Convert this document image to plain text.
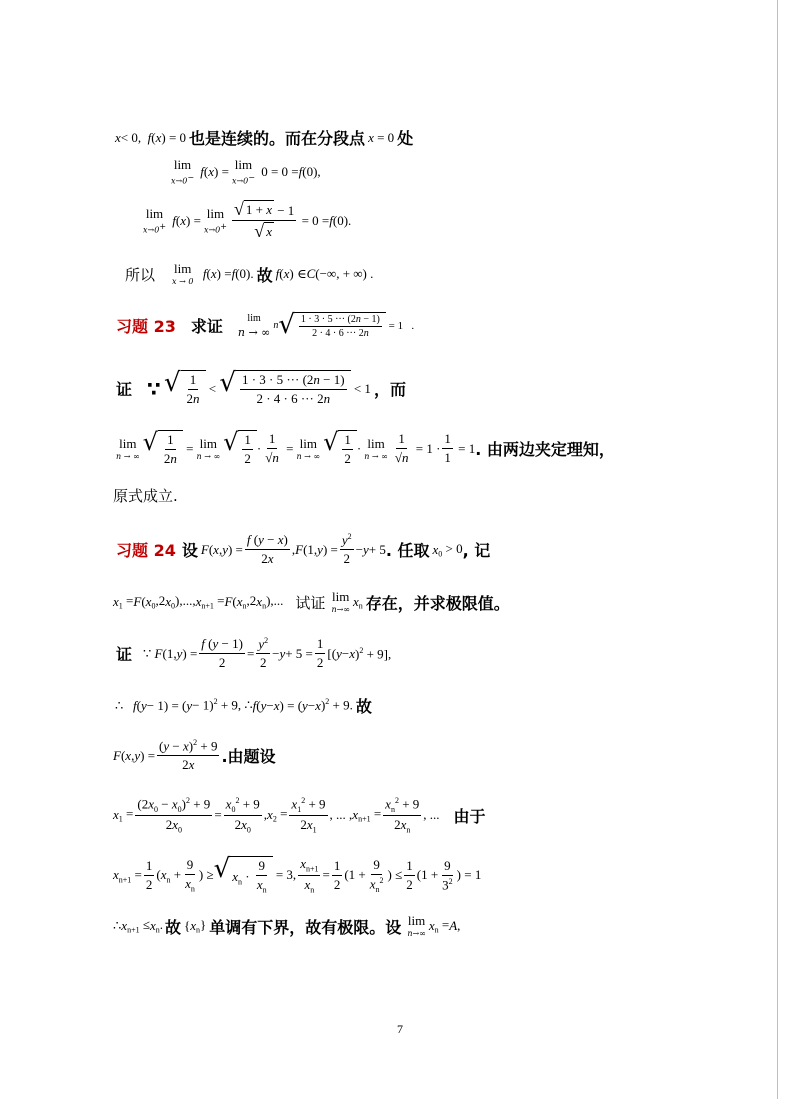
x < 0, f ( x ) = 0 也是连续的。而在分段点 x = 0 处
lim
x→0− f ( x ) = lim
x→0− 0 = 0 = f (0),
lim
x→0+ f ( x ) = lim
$x\to 0^+ \frac{√ 1 + x - 1}{√ x} = 0 = f$ (0).
所以 lim
x → 0
f ( x ) = f (0). 故 f ( x ) ∈ C (−∞, + ∞) .
习题 23 求证 lim
n → ∞ n √ $\frac{1 \cdot 3 \cdot 5 \cdot\cdot\cdot (2n - 1)}{2 \cdot 4 \cdot 6 \cdot\cdot\cdot 2n} = 1$   .
证 ∵ √ $\frac{1}{2n}$ < √ $\frac{1 \cdot 3 \cdot 5 \cdot\cdot\cdot (2n - 1)}{2 \cdot 4 \cdot 6 \cdot\cdot\cdot 2n} < 1$ ，而
lim
n → ∞ √ $\frac{1}{2n} = \lim$
n → ∞ √ $\frac{1}{2} \cdot \frac{1}{√n} = \lim$
n → ∞ √ $\frac{1}{2} \cdot \lim$
n → ∞ $\frac{1}{√n} = 1 \cdot \frac{1}{1} = 1$ . 由两边夹定理知，
原式成立.
习题 24 设 F ( x , y ) = $\frac{f (y - x)}{2x}$ , F (1, y ) = $\frac{y^2}{2} - y + 5$ . 任取 x $_0$ > 0 , 记
x $_1$ = F ( x $_0$,2 x $_0$),..., x $_{n+1}$ = F ( x $_n$,2 x $_n$),... 试证 lim
n→∞
x $_n$ 存在，并求极限值。
证 ∵ F (1, y ) = $\frac{f (y - 1)}{2} = \frac{y^2}{2} - y + 5 = \frac{1}{2}$ [( y − x )$^2$ + 9],
∴ f ( y − 1) = ( y − 1)$^2$ + 9, ∴ f ( y − x ) = ( y − x )$^2$ + 9. 故
F ( x , y ) = $\frac{(y - x)^2 + 9}{2x}$ .由题设
x $_1 = \frac{(2x_0 - x_0)^2 + 9}{2x_0} = \frac{x_0^2 + 9}{2x_0}$ , x $_2 = \frac{x_1^2 + 9}{2x_1}$ , ... , x $_{n+1} = \frac{x_n^2 + 9}{2x_n}$ , ... 由于
x $_{n+1} = \frac{1}{2}$ ( x $_n + \frac{9}{x_n}$ ) ≥ √ $x_n \cdot \frac{9}{x_n} = 3$, $\frac{x_{n+1}}{x_n} = \frac{1}{2} (1 + \frac{9}{x_n^2}$ ) ≤ $\frac{1}{2} (1 + \frac{9}{3^2}$ ) = 1
∴ x $_{n+1}$ ≤ x $_n$. 故 { x $_n$} 单调有下界，故有极限。设 lim
n→∞
x $_n$ = A ,
7
